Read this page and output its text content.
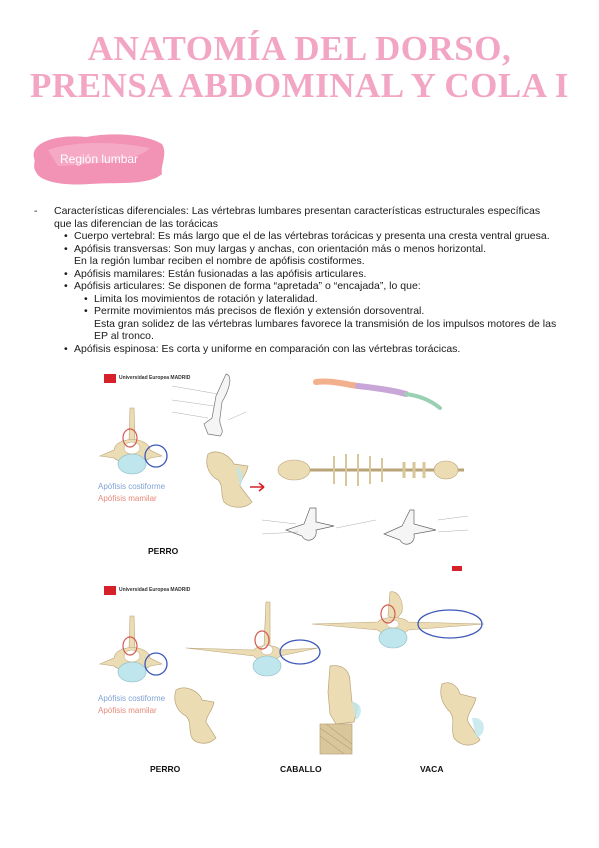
ANATOMÍA DEL DORSO,
PRENSA ABDOMINAL Y COLA I
Región lumbar
- Características diferenciales: Las vértebras lumbares presentan características estructurales específicas que las diferencian de las torácicas
• Cuerpo vertebral: Es más largo que el de las vértebras torácicas y presenta una cresta ventral gruesa.
• Apófisis transversas: Son muy largas y anchas, con orientación más o menos horizontal.
En la región lumbar reciben el nombre de apófisis costiformes.
• Apófisis mamilares: Están fusionadas a las apófisis articulares.
• Apófisis articulares: Se disponen de forma “apretada” o “encajada”, lo que:
• Limita los movimientos de rotación y lateralidad.
• Permite movimientos más precisos de flexión y extensión dorsoventral.
Esta gran solidez de las vértebras lumbares favorece la transmisión de los impulsos motores de las EP al tronco.
• Apófisis espinosa: Es corta y uniforme en comparación con las vértebras torácicas.
Universidad Europea MADRID
Apófisis costiforme
Apófisis mamilar
PERRO
Universidad Europea MADRID
Apófisis costiforme
Apófisis mamilar
PERRO	CABALLO	VACA
